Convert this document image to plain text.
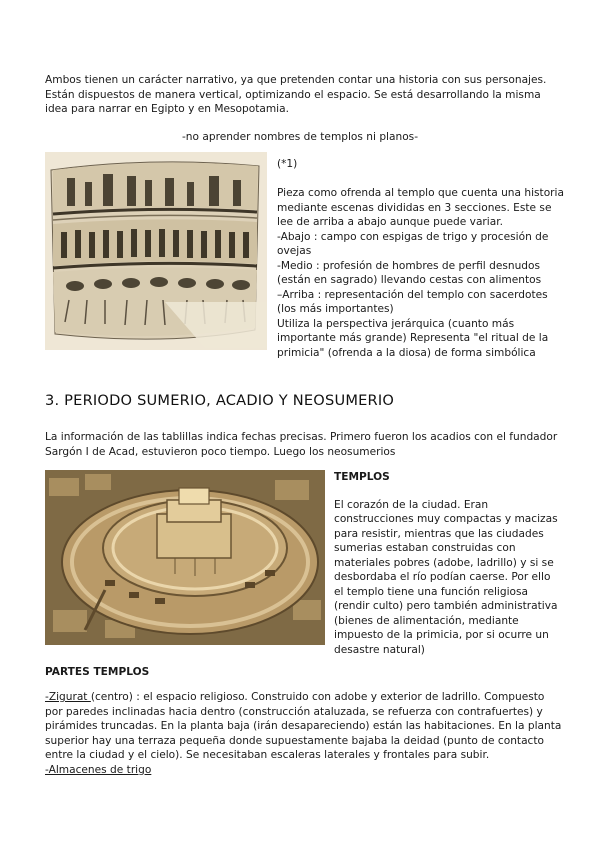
Ambos tienen un carácter narrativo, ya que pretenden contar una historia con sus personajes. Están dispuestos de manera vertical, optimizando el espacio. Se está desarrollando la misma idea para narrar en Egipto y en Mesopotamia.

-no aprender nombres de templos ni planos-

(*1)
Pieza como ofrenda al templo que cuenta una historia mediante escenas divididas en 3 secciones. Este se lee de arriba a abajo aunque puede variar.
-Abajo : campo con espigas de trigo y procesión de ovejas
-Medio : profesión de hombres de perfil desnudos (están en sagrado) llevando cestas con alimentos
–Arriba : representación del templo con sacerdotes (los más importantes)
Utiliza la perspectiva jerárquica (cuanto más importante más grande) Representa "el ritual de la primicia" (ofrenda a la diosa) de forma simbólica
3. PERIODO SUMERIO, ACADIO Y NEOSUMERIO

La información de las tablillas indica fechas precisas. Primero fueron los acadios con el fundador Sargón I de Acad, estuvieron poco tiempo. Luego los neosumerios

TEMPLOS
El corazón de la ciudad. Eran construcciones muy compactas y macizas para resistir, mientras que las ciudades sumerias estaban construidas con materiales pobres (adobe, ladrillo) y si se desbordaba el río podían caerse. Por ello el templo tiene una función religiosa (rendir culto) pero también administrativa (bienes de alimentación, mediante impuesto de la primicia, por si ocurre un desastre natural)
PARTES TEMPLOS

-Zigurat (centro) : el espacio religioso. Construido con adobe y exterior de ladrillo. Compuesto por paredes inclinadas hacia dentro (construcción ataluzada, se refuerza con contrafuertes) y pirámides truncadas. En la planta baja (irán desapareciendo) están las habitaciones. En la planta superior hay una terraza pequeña donde supuestamente bajaba la deidad (punto de contacto entre la ciudad y el cielo). Se necesitaban escaleras laterales y frontales para subir.
-Almacenes de trigo
